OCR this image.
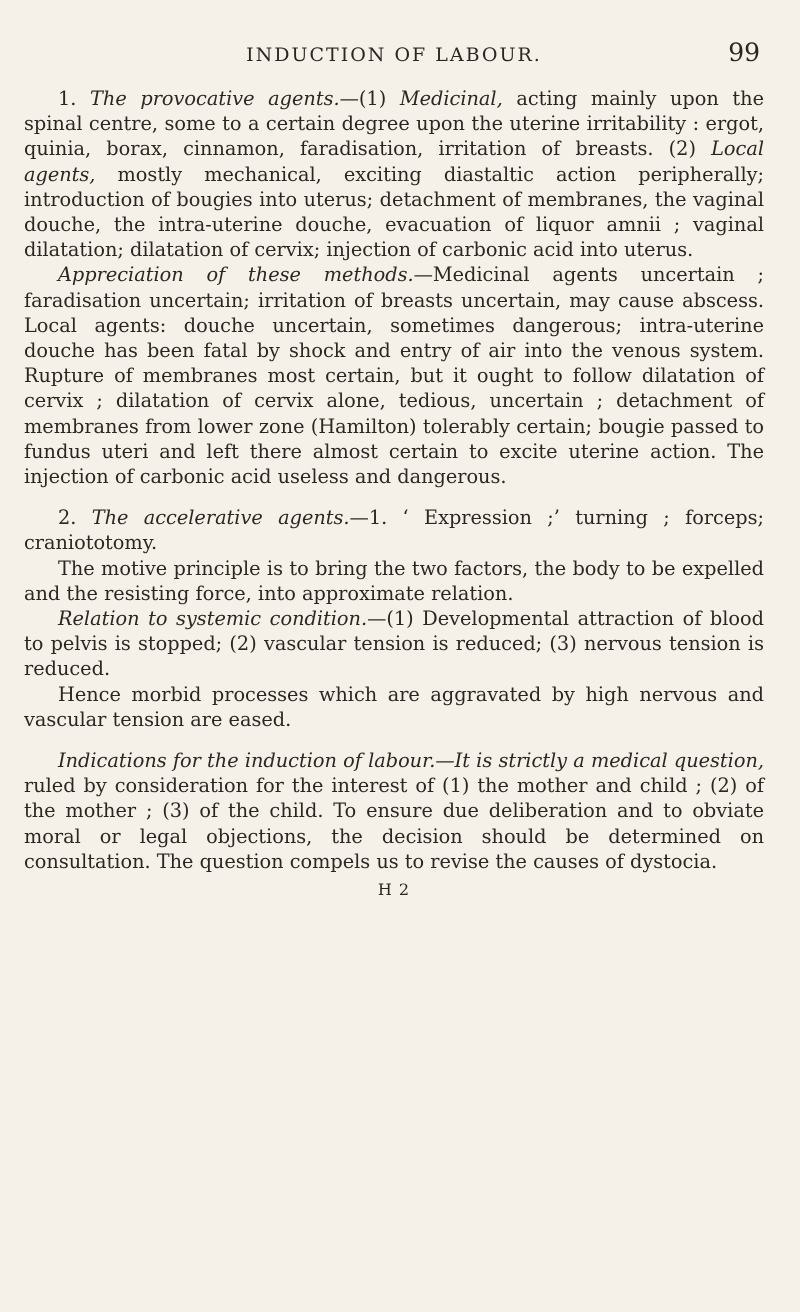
INDUCTION OF LABOUR.	99

1. The provocative agents.—(1) Medicinal, acting mainly upon the spinal centre, some to a certain degree upon the uterine irritability : ergot, quinia, borax, cinnamon, faradisation, irritation of breasts. (2) Local agents, mostly mechanical, exciting diastaltic action peripherally; introduction of bougies into uterus; detachment of membranes, the vaginal douche, the intra-uterine douche, evacuation of liquor amnii ; vaginal dilatation; dilatation of cervix; injection of carbonic acid into uterus.

Appreciation of these methods.—Medicinal agents uncertain ; faradisation uncertain; irritation of breasts uncertain, may cause abscess. Local agents: douche uncertain, sometimes dangerous; intra-uterine douche has been fatal by shock and entry of air into the venous system. Rupture of membranes most certain, but it ought to follow dilatation of cervix ; dilatation of cervix alone, tedious, uncertain ; detachment of membranes from lower zone (Hamilton) tolerably certain; bougie passed to fundus uteri and left there almost certain to excite uterine action. The injection of carbonic acid useless and dangerous.

2. The accelerative agents.—1. ‘ Expression ;’ turning ; forceps; craniototomy.

The motive principle is to bring the two factors, the body to be expelled and the resisting force, into approximate relation.

Relation to systemic condition.—(1) Developmental attraction of blood to pelvis is stopped; (2) vascular tension is reduced; (3) nervous tension is reduced.

Hence morbid processes which are aggravated by high nervous and vascular tension are eased.

Indications for the induction of labour.—It is strictly a medical question, ruled by consideration for the interest of (1) the mother and child ; (2) of the mother ; (3) of the child. To ensure due deliberation and to obviate moral or legal objections, the decision should be determined on consultation. The question compels us to revise the causes of dystocia.

H 2
